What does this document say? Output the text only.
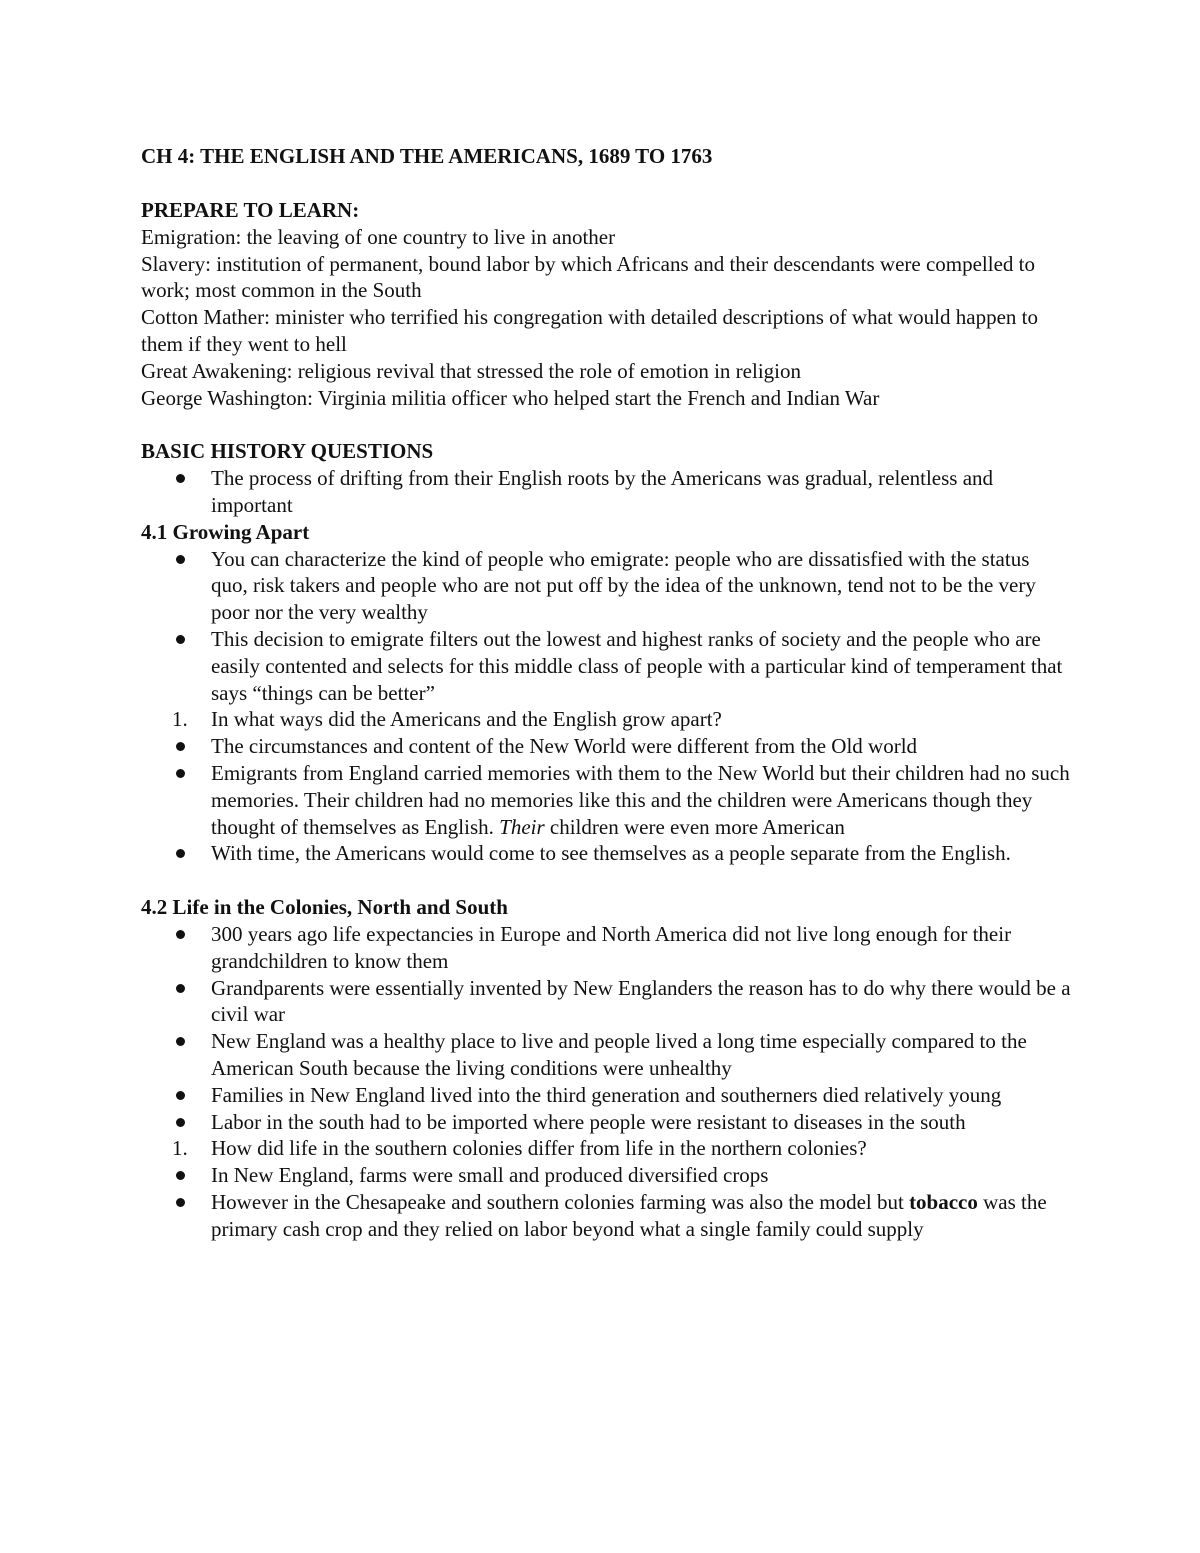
CH 4: THE ENGLISH AND THE AMERICANS, 1689 TO 1763

PREPARE TO LEARN:

Emigration: the leaving of one country to live in another

Slavery: institution of permanent, bound labor by which Africans and their descendants were compelled to work; most common in the South

Cotton Mather: minister who terrified his congregation with detailed descriptions of what would happen to them if they went to hell

Great Awakening: religious revival that stressed the role of emotion in religion

George Washington: Virginia militia officer who helped start the French and Indian War

BASIC HISTORY QUESTIONS

The process of drifting from their English roots by the Americans was gradual, relentless and important

4.1 Growing Apart

You can characterize the kind of people who emigrate: people who are dissatisfied with the status quo, risk takers and people who are not put off by the idea of the unknown, tend not to be the very poor nor the very wealthy
This decision to emigrate filters out the lowest and highest ranks of society and the people who are easily contented and selects for this middle class of people with a particular kind of temperament that says “things can be better”
1.	In what ways did the Americans and the English grow apart?
The circumstances and content of the New World were different from the Old world
Emigrants from England carried memories with them to the New World but their children had no such memories. Their children had no memories like this and the children were Americans though they thought of themselves as English. Their children were even more American
With time, the Americans would come to see themselves as a people separate from the English.

4.2 Life in the Colonies, North and South

300 years ago life expectancies in Europe and North America did not live long enough for their grandchildren to know them
Grandparents were essentially invented by New Englanders the reason has to do why there would be a civil war
New England was a healthy place to live and people lived a long time especially compared to the American South because the living conditions were unhealthy
Families in New England lived into the third generation and southerners died relatively young
Labor in the south had to be imported where people were resistant to diseases in the south
1.	How did life in the southern colonies differ from life in the northern colonies?
In New England, farms were small and produced diversified crops
However in the Chesapeake and southern colonies farming was also the model but tobacco was the primary cash crop and they relied on labor beyond what a single family could supply
